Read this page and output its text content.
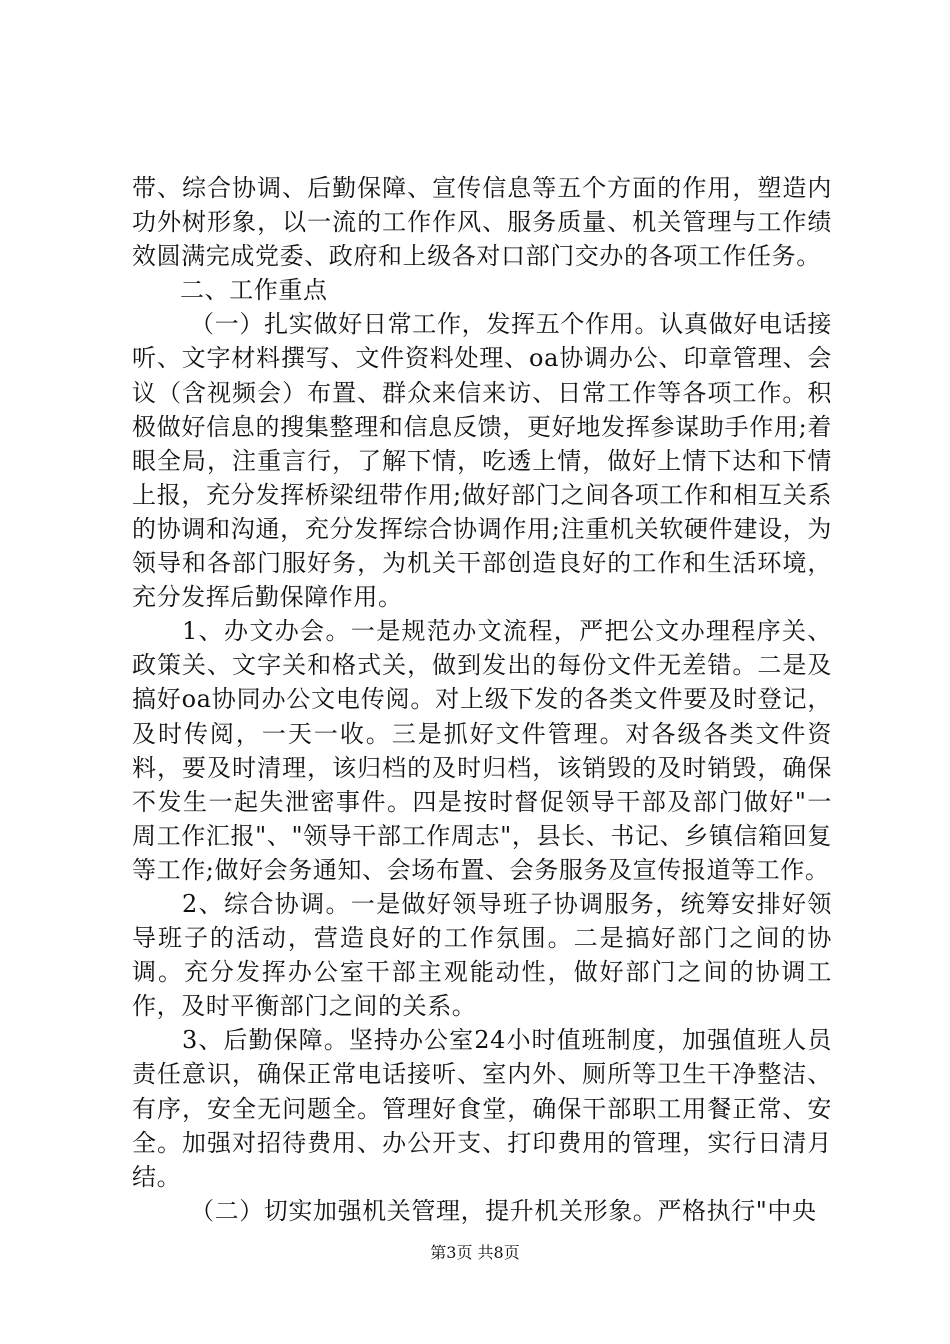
带、综合协调、后勤保障、宣传信息等五个方面的作用，塑造内功外树形象，以一流的工作作风、服务质量、机关管理与工作绩效圆满完成党委、政府和上级各对口部门交办的各项工作任务。

二、工作重点

（一）扎实做好日常工作，发挥五个作用。认真做好电话接听、文字材料撰写、文件资料处理、oa协调办公、印章管理、会议（含视频会）布置、群众来信来访、日常工作等各项工作。积极做好信息的搜集整理和信息反馈，更好地发挥参谋助手作用;着眼全局，注重言行，了解下情，吃透上情，做好上情下达和下情上报，充分发挥桥梁纽带作用;做好部门之间各项工作和相互关系的协调和沟通，充分发挥综合协调作用;注重机关软硬件建设，为领导和各部门服好务，为机关干部创造良好的工作和生活环境，充分发挥后勤保障作用。

1、办文办会。一是规范办文流程，严把公文办理程序关、政策关、文字关和格式关，做到发出的每份文件无差错。二是及搞好oa协同办公文电传阅。对上级下发的各类文件要及时登记，及时传阅，一天一收。三是抓好文件管理。对各级各类文件资料，要及时清理，该归档的及时归档，该销毁的及时销毁，确保不发生一起失泄密事件。四是按时督促领导干部及部门做好"一周工作汇报"、"领导干部工作周志"，县长、书记、乡镇信箱回复等工作;做好会务通知、会场布置、会务服务及宣传报道等工作。

2、综合协调。一是做好领导班子协调服务，统筹安排好领导班子的活动，营造良好的工作氛围。二是搞好部门之间的协调。充分发挥办公室干部主观能动性，做好部门之间的协调工作，及时平衡部门之间的关系。

3、后勤保障。坚持办公室24小时值班制度，加强值班人员责任意识，确保正常电话接听、室内外、厕所等卫生干净整洁、有序，安全无问题全。管理好食堂，确保干部职工用餐正常、安全。加强对招待费用、办公开支、打印费用的管理，实行日清月结。

（二）切实加强机关管理，提升机关形象。严格执行"中央

第3页 共8页
